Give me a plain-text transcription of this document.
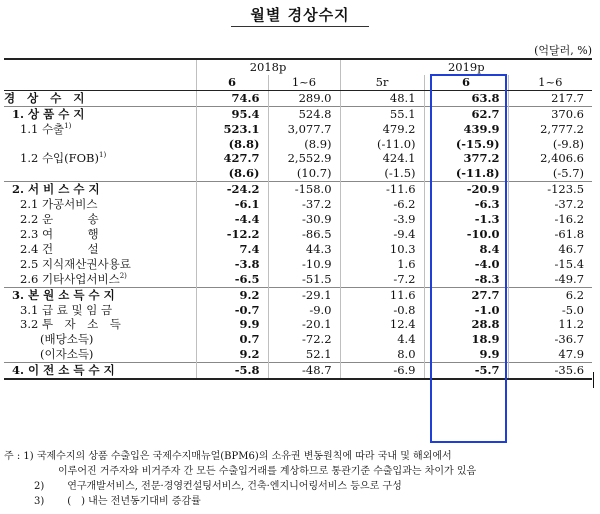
월별 경상수지
(억달러, %)
	2018p		2019p		
	6	1~6	5r	6	1~6
경 상 수 지	74.6	289.0	48.1	63.8	217.7
1. 상 품 수 지	95.4	524.8	55.1	62.7	370.6
1.1 수출$^{1)}$	523.1	3,077.7	479.2	439.9	2,777.2
	(8.8)	(8.9)	(-11.0)	(-15.9)	(-9.8)
1.2 수입(FOB)$^{1)}$	427.7	2,552.9	424.1	377.2	2,406.6
	(8.6)	(10.7)	(-1.5)	(-11.8)	(-5.7)
2. 서 비 스 수 지	-24.2	-158.0	-11.6	-20.9	-123.5
2.1 가공서비스	-6.1	-37.2	-6.2	-6.3	-37.2
2.2 운　　　송	-4.4	-30.9	-3.9	-1.3	-16.2
2.3 여　　　행	-12.2	-86.5	-9.4	-10.0	-61.8
2.4 건　　　설	7.4	44.3	10.3	8.4	46.7
2.5 지식재산권사용료	-3.8	-10.9	1.6	-4.0	-15.4
2.6 기타사업서비스$^{2)}$	-6.5	-51.5	-7.2	-8.3	-49.7
3. 본 원 소 득 수 지	9.2	-29.1	11.6	27.7	6.2
3.1 급 료 및 임 금	-0.7	-9.0	-0.8	-1.0	-5.0
3.2 투　자　소　득	9.9	-20.1	12.4	28.8	11.2
(배당소득)	0.7	-72.2	4.4	18.9	-36.7
(이자소득)	9.2	52.1	8.0	9.9	47.9
4. 이 전 소 득 수 지	-5.8	-48.7	-6.9	-5.7	-35.6
주 : 1)
국제수지의 상품 수출입은 국제수지매뉴얼(BPM6)의 소유권 변동원칙에 따라 국내 및 해외에서
이루어진 거주자와 비거주자 간 모든 수출입거래를 계상하므로 통관기준 수출입과는 차이가 있음
2)
	연구개발서비스, 전문·경영컨설팅서비스, 건축·엔지니어링서비스 등으로 구성
3)
	(　) 내는 전년동기대비 증감률
